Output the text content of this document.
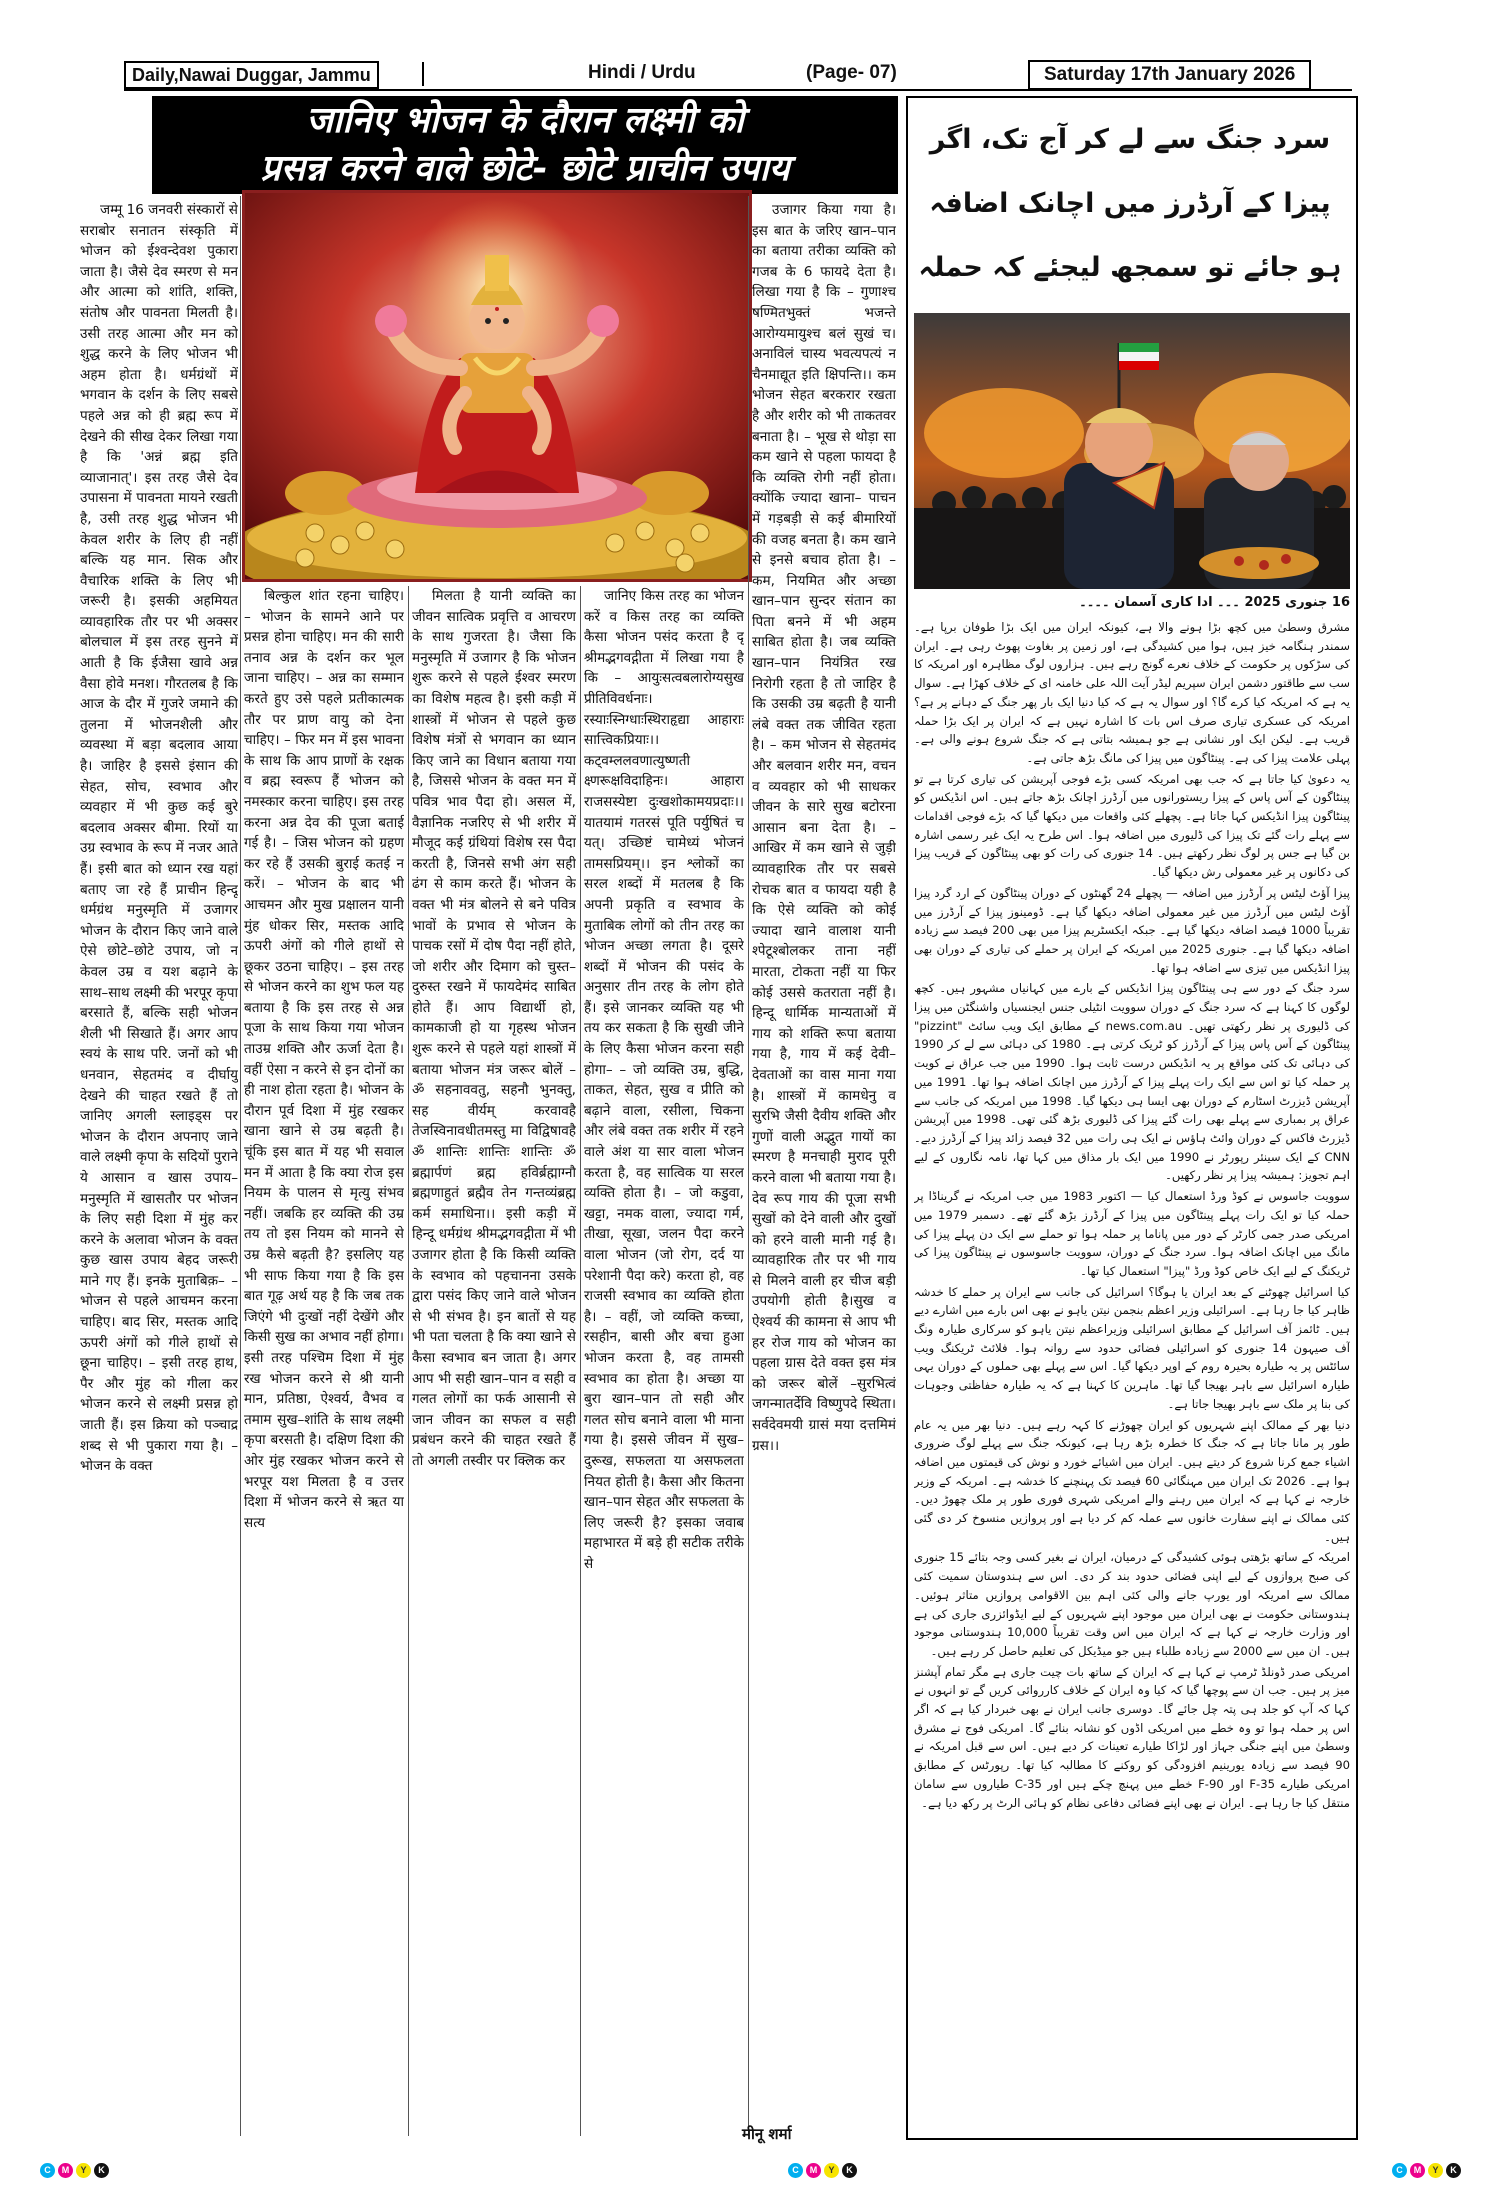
Daily,Nawai Duggar, Jammu	Hindi / Urdu	(Page- 07)	Saturday 17th January 2026
जानिए भोजन के दौरान लक्ष्मी को
प्रसन्न करने वाले छोटे- छोटे प्राचीन उपाय

जम्मू 16 जनवरी संस्कारों से सराबोर सनातन संस्कृति में भोजन को ईश्वन्देवश पुकारा जाता है। जैसे देव स्मरण से मन और आत्मा को शांति, शक्ति, संतोष और पावनता मिलती है। उसी तरह आत्मा और मन को शुद्ध करने के लिए भोजन भी अहम होता है। धर्मग्रंथों में भगवान के दर्शन के लिए सबसे पहले अन्न को ही ब्रह्म रूप में देखने की सीख देकर लिखा गया है कि 'अन्नं ब्रह्म इति व्याजानात्'। इस तरह जैसे देव उपासना में पावनता मायने रखती है, उसी तरह शुद्ध भोजन भी केवल शरीर के लिए ही नहीं बल्कि यह मान. सिक और वैचारिक शक्ति के लिए भी जरूरी है। इसकी अहमियत व्यावहारिक तौर पर भी अक्सर बोलचाल में इस तरह सुनने में आती है कि ईजैसा खावे अन्न वैसा होवे मनश। गौरतलब है कि आज के दौर में गुजरे जमाने की तुलना में भोजनशैली और व्यवस्था में बड़ा बदलाव आया है। जाहिर है इससे इंसान की सेहत, सोच, स्वभाव और व्यवहार में भी कुछ कई बुरे बदलाव अक्सर बीमा. रियों या उग्र स्वभाव के रूप में नजर आते हैं। इसी बात को ध्यान रख यहां बताए जा रहे हैं प्राचीन हिन्दू धर्मग्रंथ मनुस्मृति में उजागर भोजन के दौरान किए जाने वाले ऐसे छोटे–छोटे उपाय, जो न केवल उम्र व यश बढ़ाने के साथ–साथ लक्ष्मी की भरपूर कृपा बरसाते हैं, बल्कि सही भोजन शैली भी सिखाते हैं। अगर आप स्वयं के साथ परि. जनों को भी धनवान, सेहतमंद व दीर्घायु देखने की चाहत रखते हैं तो जानिए अगली स्लाइड्स पर भोजन के दौरान अपनाए जाने वाले लक्ष्मी कृपा के सदियों पुराने ये आसान व खास उपाय– मनुस्मृति में खासतौर पर भोजन के लिए सही दिशा में मुंह कर करने के अलावा भोजन के वक्त कुछ खास उपाय बेहद जरूरी माने गए हैं। इनके मुताबिक़– – भोजन से पहले आचमन करना चाहिए। बाद सिर, मस्तक आदि ऊपरी अंगों को गीले हाथों से छूना चाहिए। – इसी तरह हाथ, पैर और मुंह को गीला कर भोजन करने से लक्ष्मी प्रसन्न हो जाती हैं। इस क्रिया को पञ्चाद्र शब्द से भी पुकारा गया है। – भोजन के वक्त

बिल्कुल शांत रहना चाहिए। – भोजन के सामने आने पर प्रसन्न होना चाहिए। मन की सारी तनाव अन्न के दर्शन कर भूल जाना चाहिए। – अन्न का सम्मान करते हुए उसे पहले प्रतीकात्मक तौर पर प्राण वायु को देना चाहिए। – फिर मन में इस भावना के साथ कि आप प्राणों के रक्षक व ब्रह्म स्वरूप हैं भोजन को नमस्कार करना चाहिए। इस तरह करना अन्न देव की पूजा बताई गई है। – जिस भोजन को ग्रहण कर रहे हैं उसकी बुराई कतई न करें। – भोजन के बाद भी आचमन और मुख प्रक्षालन यानी मुंह धोकर सिर, मस्तक आदि ऊपरी अंगों को गीले हाथों से छूकर उठना चाहिए। – इस तरह से भोजन करने का शुभ फल यह बताया है कि इस तरह से अन्न पूजा के साथ किया गया भोजन ताउम्र शक्ति और ऊर्जा देता है। वहीं ऐसा न करने से इन दोनों का ही नाश होता रहता है। भोजन के दौरान पूर्व दिशा में मुंह रखकर खाना खाने से उम्र बढ़ती है। चूंकि इस बात में यह भी सवाल मन में आता है कि क्या रोज इस नियम के पालन से मृत्यु संभव नहीं। जबकि हर व्यक्ति की उम्र तय तो इस नियम को मानने से उम्र कैसे बढ़ती है? इसलिए यह भी साफ किया गया है कि इस बात गूढ़ अर्थ यह है कि जब तक जिएंगे भी दुःखों नहीं देखेंगे और किसी सुख का अभाव नहीं होगा। इसी तरह पश्चिम दिशा में मुंह रख भोजन करने से श्री यानी मान, प्रतिष्ठा, ऐश्वर्य, वैभव व तमाम सुख–शांति के साथ लक्ष्मी कृपा बरसती है। दक्षिण दिशा की ओर मुंह रखकर भोजन करने से भरपूर यश मिलता है व उत्तर दिशा में भोजन करने से ऋत या सत्य

मिलता है यानी व्यक्ति का जीवन सात्विक प्रवृत्ति व आचरण के साथ गुजरता है। जैसा कि मनुस्मृति में उजागर है कि भोजन शुरू करने से पहले ईश्वर स्मरण का विशेष महत्व है। इसी कड़ी में शास्त्रों में भोजन से पहले कुछ विशेष मंत्रों से भगवान का ध्यान किए जाने का विधान बताया गया है, जिससे भोजन के वक्त मन में पवित्र भाव पैदा हो। असल में, वैज्ञानिक नजरिए से भी शरीर में मौजूद कई ग्रंथियां विशेष रस पैदा करती है, जिनसे सभी अंग सही ढंग से काम करते हैं। भोजन के वक्त भी मंत्र बोलने से बने पवित्र भावों के प्रभाव से भोजन के पाचक रसों में दोष पैदा नहीं होते, जो शरीर और दिमाग को चुस्त–दुरुस्त रखने में फायदेमंद साबित होते हैं। आप विद्यार्थी हो, कामकाजी हो या गृहस्थ भोजन शुरू करने से पहले यहां शास्त्रों में बताया भोजन मंत्र जरूर बोलें – ॐ सहनाववतु, सहनौ भुनक्तु, सह वीर्यम् करवावहै तेजस्विनावधीतमस्तु मा विद्विषावहै ॐ शान्तिः शान्तिः शान्तिः ॐ ब्रह्मार्पणं ब्रह्म हविर्ब्रह्माग्नौ ब्रह्मणाहुतं ब्रह्मैव तेन गन्तव्यंब्रह्म कर्म समाधिना।। इसी कड़ी में हिन्दू धर्मग्रंथ श्रीमद्भगवद्गीता में भी उजागर होता है कि किसी व्यक्ति के स्वभाव को पहचानना उसके द्वारा पसंद किए जाने वाले भोजन से भी संभव है। इन बातों से यह भी पता चलता है कि क्या खाने से कैसा स्वभाव बन जाता है। अगर आप भी सही खान–पान व सही व गलत लोगों का फर्क आसानी से जान जीवन का सफल व सही प्रबंधन करने की चाहत रखते हैं तो अगली तस्वीर पर क्लिक कर

जानिए किस तरह का भोजन करें व किस तरह का व्यक्ति कैसा भोजन पसंद करता है दृ श्रीमद्भगवद्गीता में लिखा गया है कि – आयुःसत्वबलारोग्यसुख प्रीतिविवर्धनाः। रस्याःस्निग्धाःस्थिराहृद्या आहाराः सात्त्विकप्रियाः।। कट्वम्ललवणात्युष्णती क्ष्णरूक्षविदाहिनः। आहारा राजसस्येष्टा दुःखशोकामयप्रदाः।। यातयामं गतरसं पूति पर्युषितं च यत्। उच्छिष्टं चामेध्यं भोजनं तामसप्रियम्।। इन श्लोकों का सरल शब्दों में मतलब है कि अपनी प्रकृति व स्वभाव के मुताबिक लोगों को तीन तरह का भोजन अच्छा लगता है। दूसरे शब्दों में भोजन की पसंद के अनुसार तीन तरह के लोग होते हैं। इसे जानकर व्यक्ति यह भी तय कर सकता है कि सुखी जीने के लिए कैसा भोजन करना सही होगा– – जो व्यक्ति उम्र, बुद्धि, ताकत, सेहत, सुख व प्रीति को बढ़ाने वाला, रसीला, चिकना और लंबे वक्त तक शरीर में रहने वाले अंश या सार वाला भोजन करता है, वह सात्विक या सरल व्यक्ति होता है। – जो कडुवा, खट्टा, नमक वाला, ज्यादा गर्म, तीखा, सूखा, जलन पैदा करने वाला भोजन (जो रोग, दर्द या परेशानी पैदा करे) करता हो, वह राजसी स्वभाव का व्यक्ति होता है। – वहीं, जो व्यक्ति कच्चा, रसहीन, बासी और बचा हुआ भोजन करता है, वह तामसी स्वभाव का होता है। अच्छा या बुरा खान–पान तो सही और गलत सोच बनाने वाला भी माना गया है। इससे जीवन में सुख–दुरूख, सफलता या असफलता नियत होती है। कैसा और कितना खान–पान सेहत और सफलता के लिए जरूरी है? इसका जवाब महाभारत में बड़े ही सटीक तरीके से

उजागर किया गया है। इस बात के जरिए खान–पान का बताया तरीका व्यक्ति को गजब के 6 फायदे देता है। लिखा गया है कि – गुणाश्च षण्मितभुक्तं भजन्ते आरोग्यमायुश्च बलं सुखं च। अनाविलं चास्य भवत्यपत्यं न चैनमाद्यूत इति क्षिपन्ति।। कम भोजन सेहत बरकरार रखता है और शरीर को भी ताकतवर बनाता है। – भूख से थोड़ा सा कम खाने से पहला फायदा है कि व्यक्ति रोगी नहीं होता। क्योंकि ज्यादा खाना– पाचन में गड़बड़ी से कई बीमारियों की वजह बनता है। कम खाने से इनसे बचाव होता है। – कम, नियमित और अच्छा खान–पान सुन्दर संतान का पिता बनने में भी अहम साबित होता है। जब व्यक्ति खान–पान नियंत्रित रख निरोगी रहता है तो जाहिर है कि उसकी उम्र बढ़ती है यानी लंबे वक्त तक जीवित रहता है। – कम भोजन से सेहतमंद और बलवान शरीर मन, वचन व व्यवहार को भी साधकर जीवन के सारे सुख बटोरना आसान बना देता है। – आखिर में कम खाने से जुड़ी व्यावहारिक तौर पर सबसे रोचक बात व फायदा यही है कि ऐसे व्यक्ति को कोई ज्यादा खाने वालाश यानी श्पेटूश्बोलकर ताना नहीं मारता, टोकता नहीं या फिर कोई उससे कतराता नहीं है। हिन्दू धार्मिक मान्यताओं में गाय को शक्ति रूपा बताया गया है, गाय में कई देवी–देवताओं का वास माना गया है। शास्त्रों में कामधेनु व सुरभि जैसी दैवीय शक्ति और गुणों वाली अद्भुत गायों का स्मरण है मनचाही मुराद पूरी करने वाला भी बताया गया है। देव रूप गाय की पूजा सभी सुखों को देने वाली और दुखों को हरने वाली मानी गई है। व्यावहारिक तौर पर भी गाय से मिलने वाली हर चीज बड़ी उपयोगी होती है।सुख व ऐश्वर्य की कामना से आप भी हर रोज गाय को भोजन का पहला ग्रास देते वक्त इस मंत्र को जरूर बोलें –सुरभित्वं जगन्मातर्देवि विष्णुपदे स्थिता। सर्वदेवमयी ग्रासं मया दत्तमिमं ग्रस।।

मीनू शर्मा
سرد جنگ سے لے کر آج تک، اگر پیزا کے آرڈرز میں اچانک اضافہ ہو جائے تو سمجھ لیجئے کہ حملہ
16 جنوری 2025 ۔۔۔ ادا کاری آسمان ۔۔۔۔

مشرق وسطیٰ میں کچھ بڑا ہونے والا ہے، کیونکہ ایران میں ایک بڑا طوفان برپا ہے۔ سمندر ہنگامہ خیز ہیں، ہوا میں کشیدگی ہے، اور زمین پر بغاوت پھوٹ رہی ہے۔ ایران کی سڑکوں پر حکومت کے خلاف نعرے گونج رہے ہیں۔ ہزاروں لوگ مظاہرہ اور امریکہ کا سب سے طاقتور دشمن ایران سپریم لیڈر آیت اللہ علی خامنہ ای کے خلاف کھڑا ہے۔ سوال یہ ہے کہ امریکہ کیا کرے گا؟ اور سوال یہ ہے کہ کیا دنیا ایک بار پھر جنگ کے دہانے پر ہے؟ امریکہ کی عسکری تیاری صرف اس بات کا اشارہ نہیں ہے کہ ایران پر ایک بڑا حملہ قریب ہے۔ لیکن ایک اور نشانی ہے جو ہمیشہ بتاتی ہے کہ جنگ شروع ہونے والی ہے۔ پہلی علامت پیزا کی ہے۔ پینٹاگون میں پیزا کی مانگ بڑھ جاتی ہے۔

یہ دعویٰ کیا جاتا ہے کہ جب بھی امریکہ کسی بڑے فوجی آپریشن کی تیاری کرتا ہے تو پینٹاگون کے آس پاس کے پیزا ریستورانوں میں آرڈرز اچانک بڑھ جاتے ہیں۔ اس انڈیکس کو پینٹاگون پیزا انڈیکس کہا جاتا ہے۔ پچھلے کئی واقعات میں دیکھا گیا کہ بڑے فوجی اقدامات سے پہلے رات گئے تک پیزا کی ڈلیوری میں اضافہ ہوا۔ اس طرح یہ ایک غیر رسمی اشارہ بن گیا ہے جس پر لوگ نظر رکھتے ہیں۔ 14 جنوری کی رات کو بھی پینٹاگون کے قریب پیزا کی دکانوں پر غیر معمولی رش دیکھا گیا۔

پیزا آؤٹ لیٹس پر آرڈرز میں اضافہ — پچھلے 24 گھنٹوں کے دوران پینٹاگون کے ارد گرد پیزا آؤٹ لیٹس میں آرڈرز میں غیر معمولی اضافہ دیکھا گیا ہے۔ ڈومینوز پیزا کے آرڈرز میں تقریباً 1000 فیصد اضافہ دیکھا گیا ہے۔ جبکہ ایکسٹریم پیزا میں بھی 200 فیصد سے زیادہ اضافہ دیکھا گیا ہے۔ جنوری 2025 میں امریکہ کے ایران پر حملے کی تیاری کے دوران بھی پیزا انڈیکس میں تیزی سے اضافہ ہوا تھا۔

سرد جنگ کے دور سے ہی پینٹاگون پیزا انڈیکس کے بارے میں کہانیاں مشہور ہیں۔ کچھ لوگوں کا کہنا ہے کہ سرد جنگ کے دوران سوویت انٹیلی جنس ایجنسیاں واشنگٹن میں پیزا کی ڈلیوری پر نظر رکھتی تھیں۔ news.com.au کے مطابق ایک ویب سائٹ "pizzint" پینٹاگون کے آس پاس پیزا کے آرڈرز کو ٹریک کرتی ہے۔ 1980 کی دہائی سے لے کر 1990 کی دہائی تک کئی مواقع پر یہ انڈیکس درست ثابت ہوا۔ 1990 میں جب عراق نے کویت پر حملہ کیا تو اس سے ایک رات پہلے پیزا کے آرڈرز میں اچانک اضافہ ہوا تھا۔ 1991 میں آپریشن ڈیزرٹ اسٹارم کے دوران بھی ایسا ہی دیکھا گیا۔ 1998 میں امریکہ کی جانب سے عراق پر بمباری سے پہلے بھی رات گئے پیزا کی ڈلیوری بڑھ گئی تھی۔ 1998 میں آپریشن ڈیزرٹ فاکس کے دوران وائٹ ہاؤس نے ایک ہی رات میں 32 فیصد زائد پیزا کے آرڈرز دیے۔ CNN کے ایک سینئر رپورٹر نے 1990 میں ایک بار مذاق میں کہا تھا، نامہ نگاروں کے لیے اہم تجویز: ہمیشہ پیزا پر نظر رکھیں۔

سوویت جاسوس نے کوڈ ورڈ استعمال کیا — اکتوبر 1983 میں جب امریکہ نے گریناڈا پر حملہ کیا تو ایک رات پہلے پینٹاگون میں پیزا کے آرڈرز بڑھ گئے تھے۔ دسمبر 1979 میں امریکی صدر جمی کارٹر کے دور میں پاناما پر حملہ ہوا تو حملے سے ایک دن پہلے پیزا کی مانگ میں اچانک اضافہ ہوا۔ سرد جنگ کے دوران، سوویت جاسوسوں نے پینٹاگون پیزا کی ٹریکنگ کے لیے ایک خاص کوڈ ورڈ "پیزا" استعمال کیا تھا۔

کیا اسرائیل چھوٹنے کے بعد ایران یا ہوگا؟ اسرائیل کی جانب سے ایران پر حملے کا خدشہ ظاہر کیا جا رہا ہے۔ اسرائیلی وزیر اعظم بنجمن نیتن یاہو نے بھی اس بارے میں اشارے دیے ہیں۔ ٹائمز آف اسرائیل کے مطابق اسرائیلی وزیراعظم نیتن یاہو کو سرکاری طیارہ ونگ آف صیہون 14 جنوری کو اسرائیلی فضائی حدود سے روانہ ہوا۔ فلائٹ ٹریکنگ ویب سائٹس پر یہ طیارہ بحیرہ روم کے اوپر دیکھا گیا۔ اس سے پہلے بھی حملوں کے دوران یہی طیارہ اسرائیل سے باہر بھیجا گیا تھا۔ ماہرین کا کہنا ہے کہ یہ طیارہ حفاظتی وجوہات کی بنا پر ملک سے باہر بھیجا جاتا ہے۔

دنیا بھر کے ممالک اپنے شہریوں کو ایران چھوڑنے کا کہہ رہے ہیں۔ دنیا بھر میں یہ عام طور پر مانا جاتا ہے کہ جنگ کا خطرہ بڑھ رہا ہے، کیونکہ جنگ سے پہلے لوگ ضروری اشیاء جمع کرنا شروع کر دیتے ہیں۔ ایران میں اشیائے خورد و نوش کی قیمتوں میں اضافہ ہوا ہے۔ 2026 تک ایران میں مہنگائی 60 فیصد تک پہنچنے کا خدشہ ہے۔ امریکہ کے وزیر خارجہ نے کہا ہے کہ ایران میں رہنے والے امریکی شہری فوری طور پر ملک چھوڑ دیں۔ کئی ممالک نے اپنے سفارت خانوں سے عملہ کم کر دیا ہے اور پروازیں منسوخ کر دی گئی ہیں۔

امریکہ کے ساتھ بڑھتی ہوئی کشیدگی کے درمیان، ایران نے بغیر کسی وجہ بتائے 15 جنوری کی صبح پروازوں کے لیے اپنی فضائی حدود بند کر دی۔ اس سے ہندوستان سمیت کئی ممالک سے امریکہ اور یورپ جانے والی کئی اہم بین الاقوامی پروازیں متاثر ہوئیں۔ ہندوستانی حکومت نے بھی ایران میں موجود اپنے شہریوں کے لیے ایڈوائزری جاری کی ہے اور وزارت خارجہ نے کہا ہے کہ ایران میں اس وقت تقریباً 10,000 ہندوستانی موجود ہیں۔ ان میں سے 2000 سے زیادہ طلباء ہیں جو میڈیکل کی تعلیم حاصل کر رہے ہیں۔

امریکی صدر ڈونلڈ ٹرمپ نے کہا ہے کہ ایران کے ساتھ بات چیت جاری ہے مگر تمام آپشنز میز پر ہیں۔ جب ان سے پوچھا گیا کہ کیا وہ ایران کے خلاف کارروائی کریں گے تو انہوں نے کہا کہ آپ کو جلد ہی پتہ چل جائے گا۔ دوسری جانب ایران نے بھی خبردار کیا ہے کہ اگر اس پر حملہ ہوا تو وہ خطے میں امریکی اڈوں کو نشانہ بنائے گا۔ امریکی فوج نے مشرق وسطیٰ میں اپنے جنگی جہاز اور لڑاکا طیارے تعینات کر دیے ہیں۔ اس سے قبل امریکہ نے 90 فیصد سے زیادہ یورینیم افزودگی کو روکنے کا مطالبہ کیا تھا۔ رپورٹس کے مطابق امریکی طیارے F-35 اور F-90 خطے میں پہنچ چکے ہیں اور C-35 طیاروں سے سامان منتقل کیا جا رہا ہے۔ ایران نے بھی اپنے فضائی دفاعی نظام کو ہائی الرٹ پر رکھ دیا ہے۔

C M Y K	C M Y K	C M Y K
